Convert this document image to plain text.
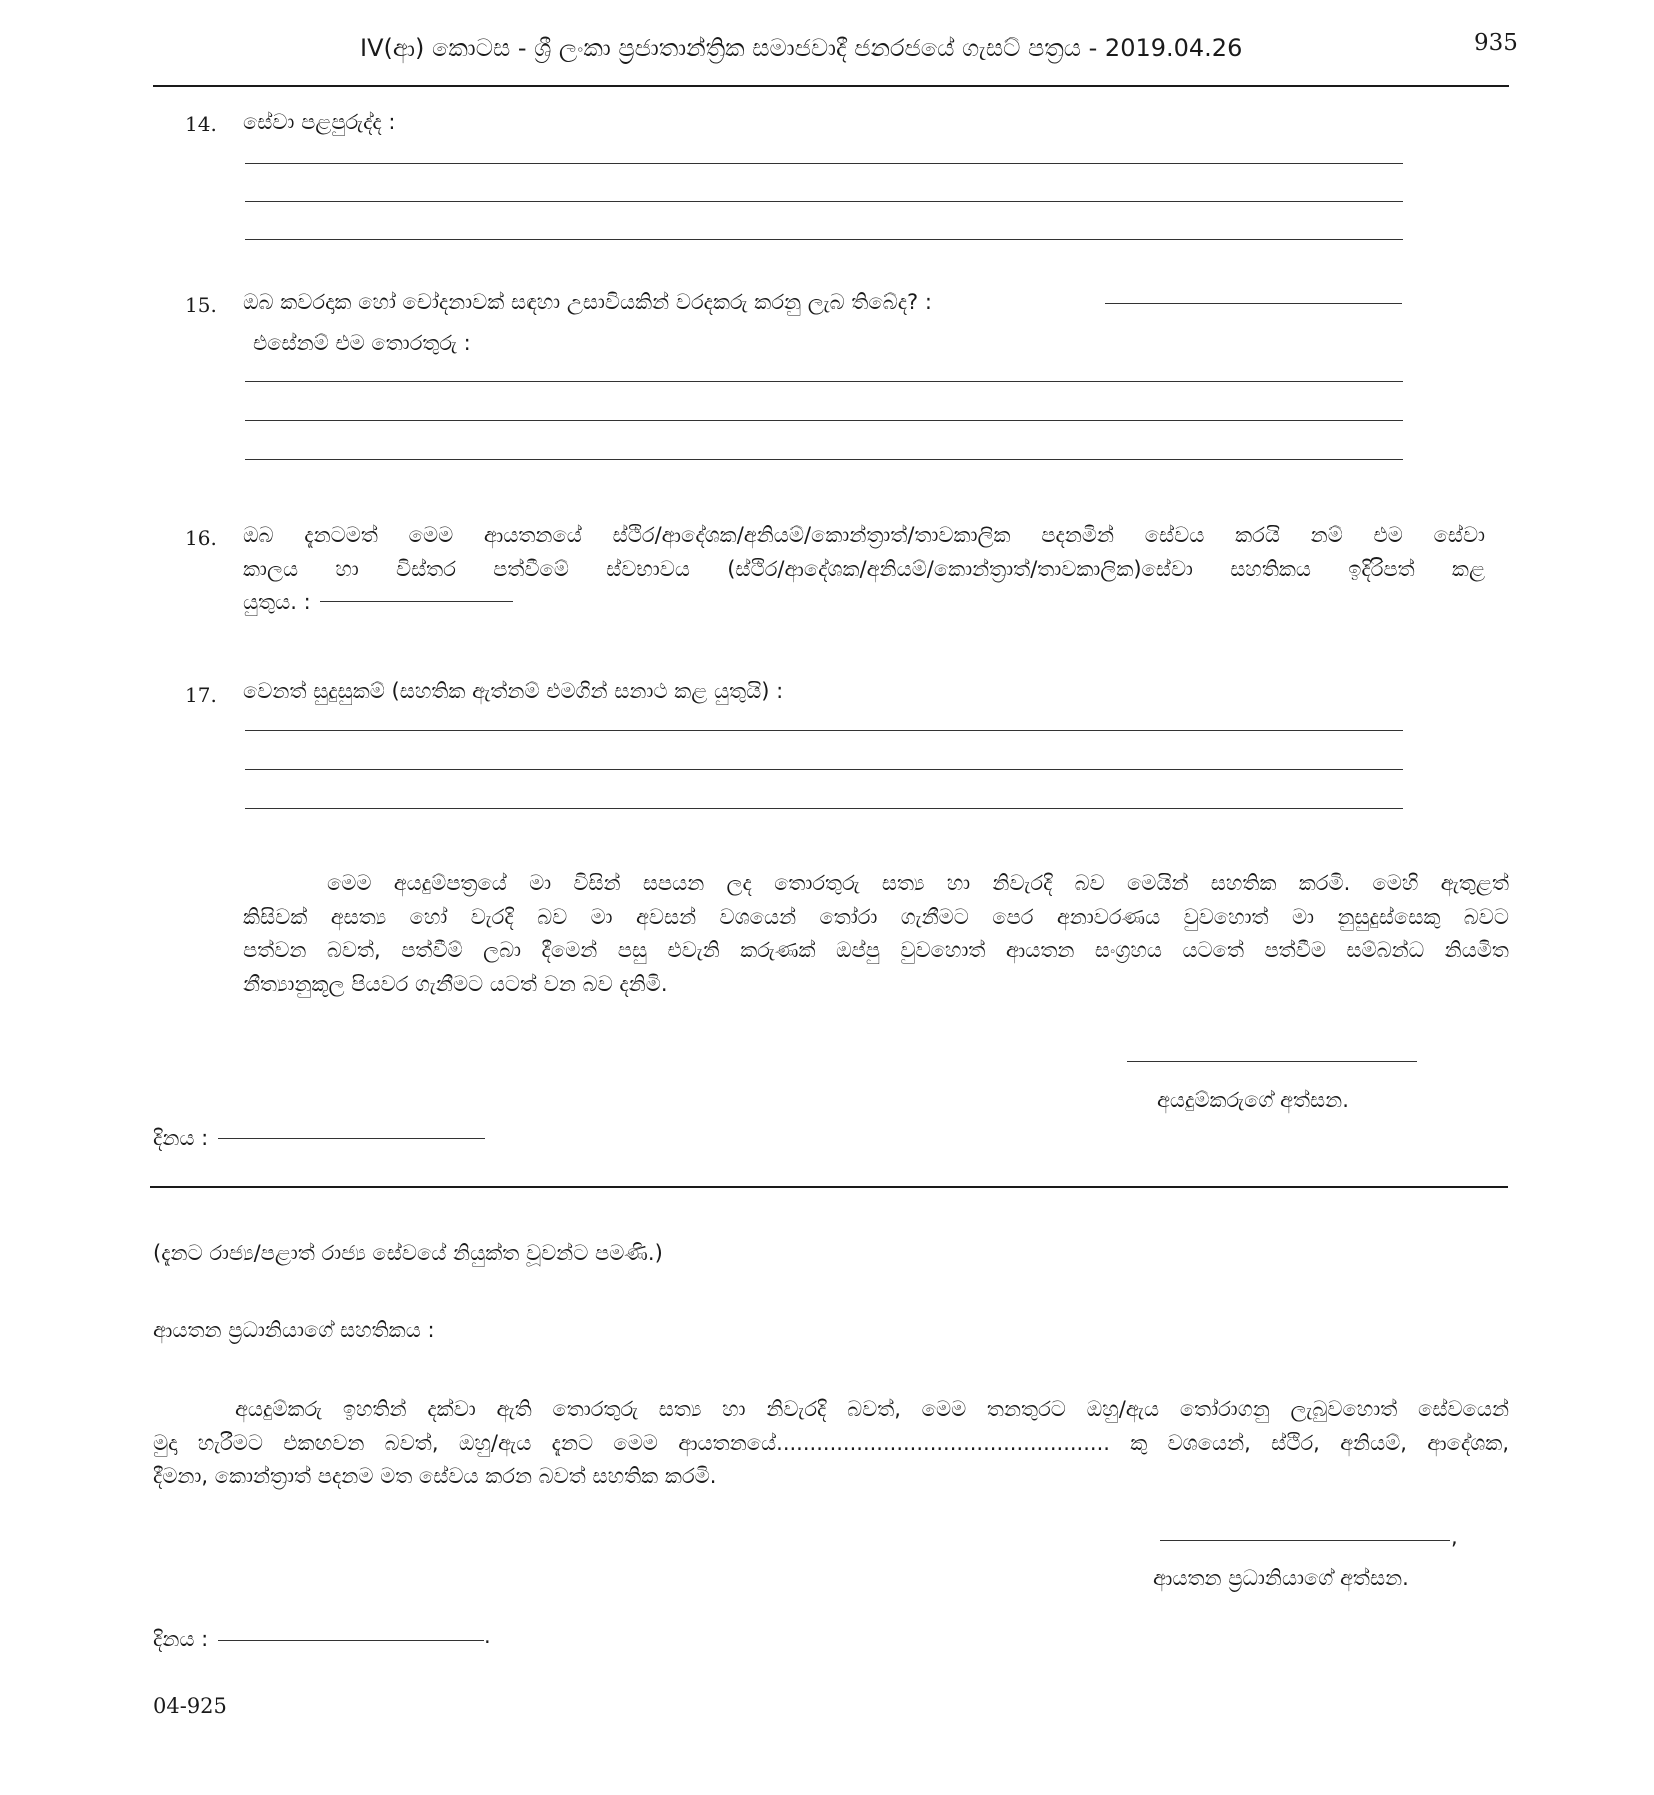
IV(ආ) කොටස - ශ්‍රී ලංකා ප්‍රජාතාන්ත්‍රික සමාජවාදී ජනරජයේ ගැසට් පත්‍රය - 2019.04.26	935
14. සේවා පළපුරුද්ද :
15. ඔබ කවරදාක හෝ චෝදනාවක් සඳහා උසාවියකින් වරදකරු කරනු ලැබ තිබේද? :
එසේනම් එම තොරතුරු :
16. ඔබ දැනටමත් මෙම ආයතනයේ ස්ථිර/ආදේශක/අනියම්/කොන්ත්‍රාත්/තාවකාලික පදනමින් සේවය කරයි නම් එම සේවා
කාලය හා විස්තර පත්වීමේ ස්වභාවය (ස්ථිර/ආදේශක/අනියම්/කොන්ත්‍රාත්/තාවකාලික)සේවා සහතිකය ඉදිරිපත් කළ
යුතුය. :
17. වෙනත් සුදුසුකම් (සහතික ඇත්නම් එමගින් සනාථ කළ යුතුයි) :
මෙම අයදුම්පත්‍රයේ මා විසින් සපයන ලද තොරතුරු සත්‍ය හා නිවැරදි බව මෙයින් සහතික කරමි. මෙහි ඇතුළත්
කිසිවක් අසත්‍ය හෝ වැරදි බව මා අවසන් වශයෙන් තෝරා ගැනීමට පෙර අනාවරණය වුවහොත් මා නුසුදුස්සෙකු බවට
පත්වන බවත්, පත්වීම් ලබා දීමෙන් පසු එවැනි කරුණක් ඔප්පු වුවහොත් ආයතන සංග්‍රහය යටතේ පත්වීම සම්බන්ධ නියමිත
නීත්‍යානුකූල පියවර ගැනීමට යටත් වන බව දනිමි.
අයදුම්කරුගේ අත්සන.
දිනය :
(දැනට රාජ්‍ය/පළාත් රාජ්‍ය සේවයේ නියුක්ත වූවන්ට පමණි.)
ආයතන ප්‍රධානියාගේ සහතිකය :
අයදුම්කරු ඉහතින් දක්වා ඇති තොරතුරු සත්‍ය හා නිවැරදි බවත්, මෙම තනතුරට ඔහු/ඇය තෝරාගනු ලැබුවහොත් සේවයෙන්
මුදා හැරීමට එකඟවන බවත්, ඔහු/ඇය දැනට මෙම ආයතනයේ.................................................. කු වශයෙන්, ස්ථිර, අනියම්, ආදේශක,
දීමනා, කොන්ත්‍රාත් පදනම මත සේවය කරන බවත් සහතික කරමි.
,
ආයතන ප්‍රධානියාගේ අත්සන.
දිනය :	.
04-925
